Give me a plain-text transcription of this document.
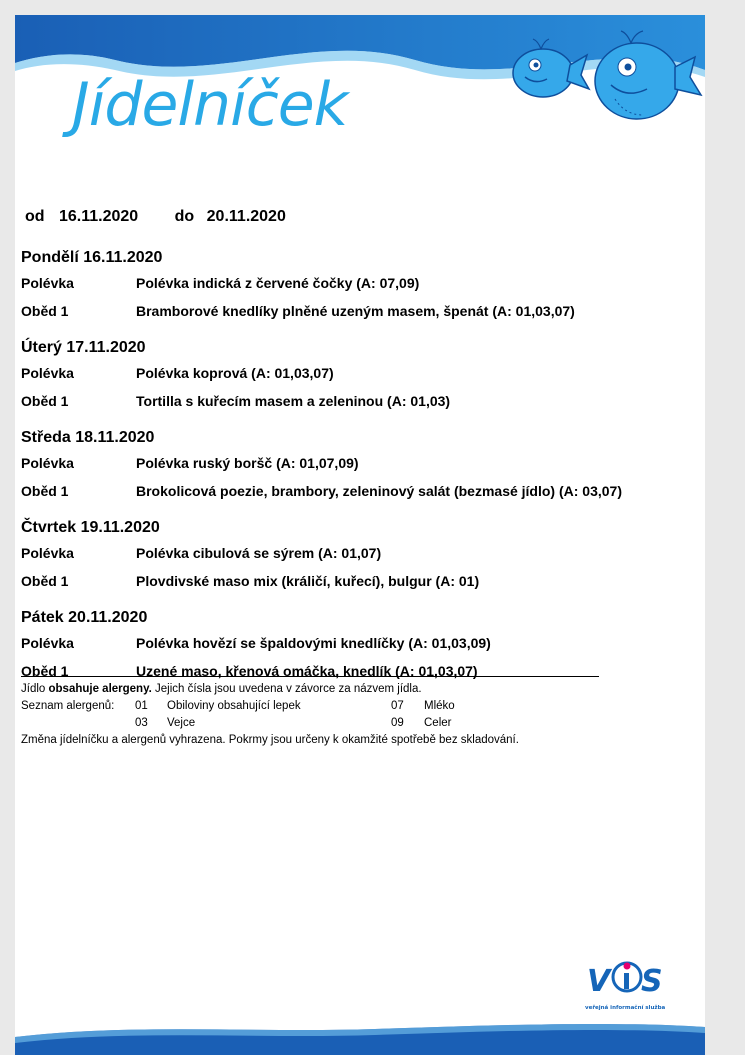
Jídelníček
od 16.11.2020 do 20.11.2020
Pondělí 16.11.2020
Polévka	Polévka indická z červené čočky (A: 07,09)
Oběd 1	Bramborové knedlíky plněné uzeným masem, špenát (A: 01,03,07)
Úterý 17.11.2020
Polévka	Polévka koprová (A: 01,03,07)
Oběd 1	Tortilla s kuřecím masem a zeleninou (A: 01,03)
Středa 18.11.2020
Polévka	Polévka ruský boršč (A: 01,07,09)
Oběd 1	Brokolicová poezie, brambory, zeleninový salát (bezmasé jídlo) (A: 03,07)
Čtvrtek 19.11.2020
Polévka	Polévka cibulová se sýrem (A: 01,07)
Oběd 1	Plovdivské maso mix (králičí, kuřecí), bulgur (A: 01)
Pátek 20.11.2020
Polévka	Polévka hovězí se špaldovými knedlíčky (A: 01,03,09)
Oběd 1	Uzené maso, křenová omáčka, knedlík (A: 01,03,07)
Jídlo obsahuje alergeny. Jejich čísla jsou uvedena v závorce za názvem jídla.
Seznam alergenů: 01 Obiloviny obsahující lepek
03 Vejce
07 Mléko
09 Celer
Změna jídelníčku a alergenů vyhrazena. Pokrmy jsou určeny k okamžité spotřebě bez skladování.
V S
veřejná informační služba
